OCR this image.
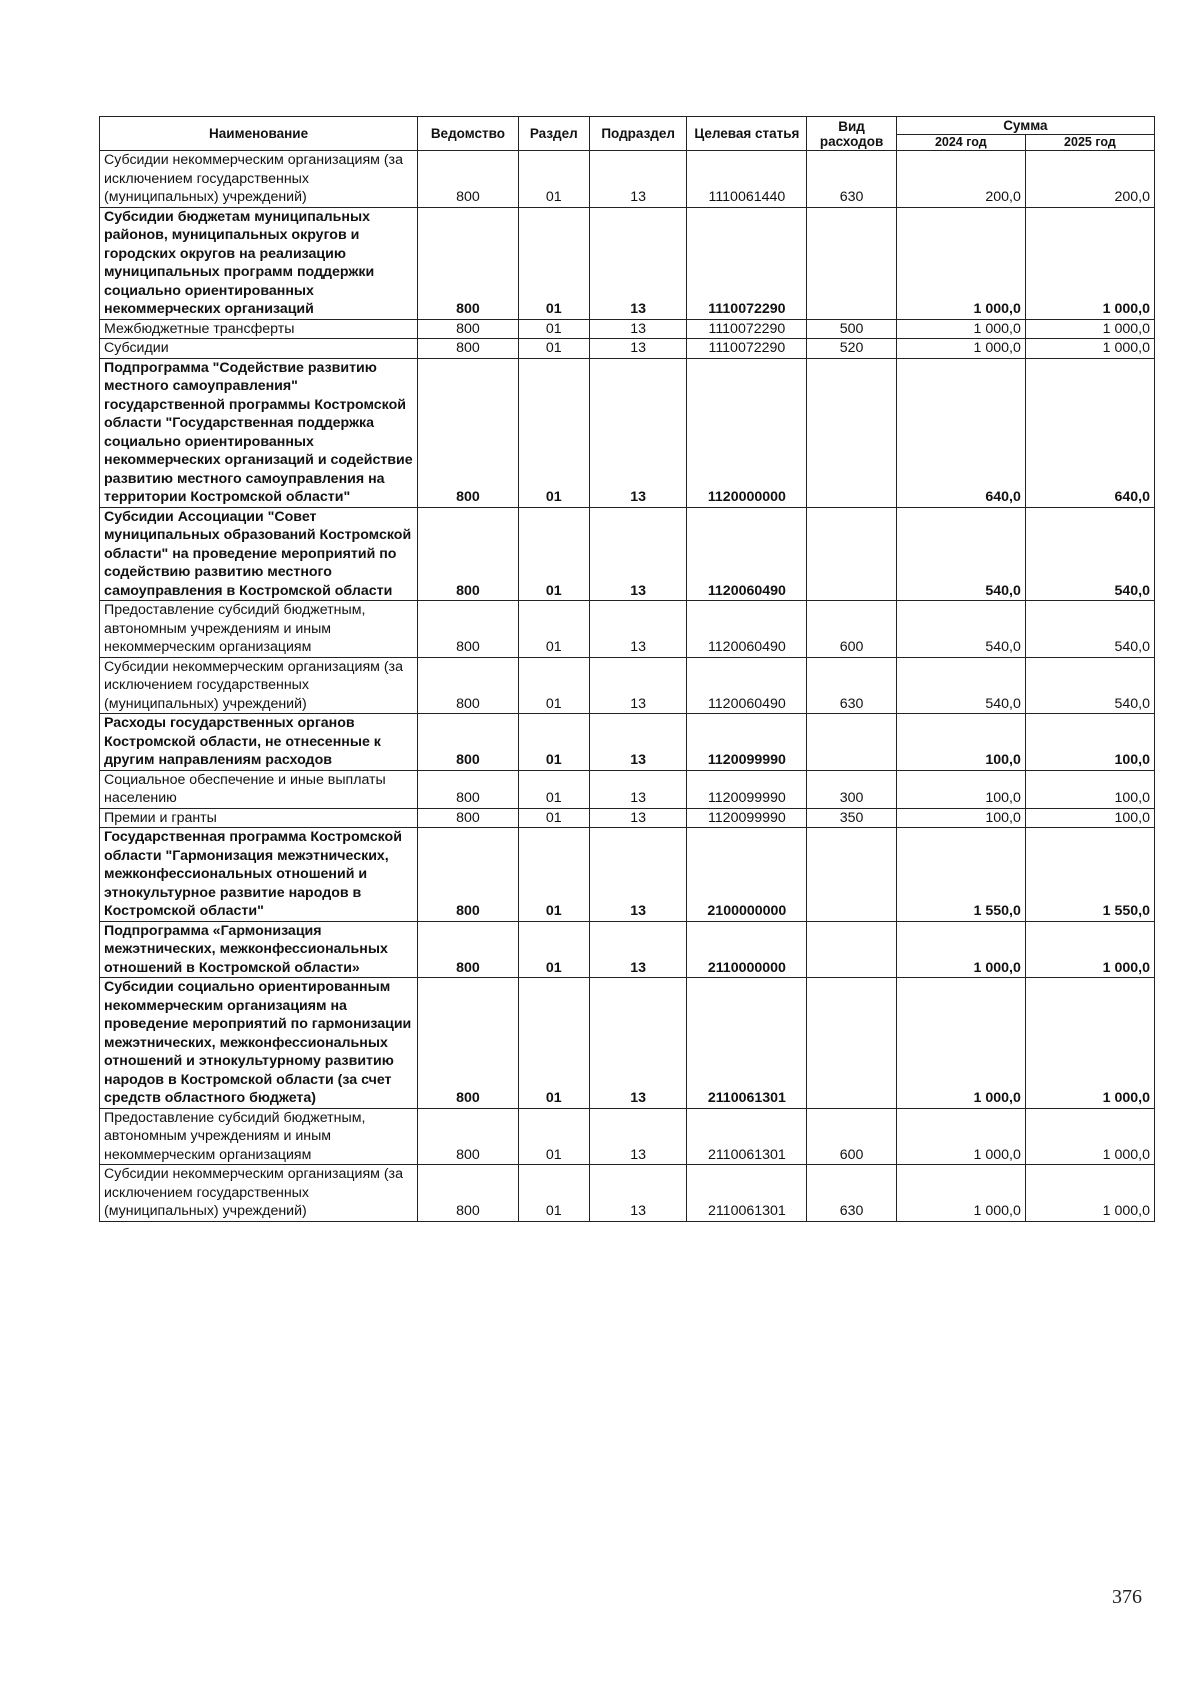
Наименование	Ведомство	Раздел	Подраздел	Целевая статья	Вид расходов	Сумма	
						2024 год	2025 год
Субсидии некоммерческим организациям (за исключением государственных (муниципальных) учреждений)	800	01	13	1110061440	630	200,0	200,0
Субсидии бюджетам муниципальных районов, муниципальных округов и городских округов на реализацию муниципальных программ поддержки социально ориентированных некоммерческих организаций	800	01	13	1110072290		1 000,0	1 000,0
Межбюджетные трансферты	800	01	13	1110072290	500	1 000,0	1 000,0
Субсидии	800	01	13	1110072290	520	1 000,0	1 000,0
Подпрограмма "Содействие развитию местного самоуправления" государственной программы Костромской области "Государственная поддержка социально ориентированных некоммерческих организаций и содействие развитию местного самоуправления на территории Костромской области"	800	01	13	1120000000		640,0	640,0
Субсидии Ассоциации "Совет муниципальных образований Костромской области" на проведение мероприятий по содействию развитию местного самоуправления в Костромской области	800	01	13	1120060490		540,0	540,0
Предоставление субсидий бюджетным, автономным учреждениям и иным некоммерческим организациям	800	01	13	1120060490	600	540,0	540,0
Субсидии некоммерческим организациям (за исключением государственных (муниципальных) учреждений)	800	01	13	1120060490	630	540,0	540,0
Расходы государственных органов Костромской области, не отнесенные к другим направлениям расходов	800	01	13	1120099990		100,0	100,0
Социальное обеспечение и иные выплаты населению	800	01	13	1120099990	300	100,0	100,0
Премии и гранты	800	01	13	1120099990	350	100,0	100,0
Государственная программа Костромской области "Гармонизация межэтнических, межконфессиональных отношений и этнокультурное развитие народов в Костромской области"	800	01	13	2100000000		1 550,0	1 550,0
Подпрограмма «Гармонизация межэтнических, межконфессиональных отношений в Костромской области»	800	01	13	2110000000		1 000,0	1 000,0
Субсидии социально ориентированным некоммерческим организациям на проведение мероприятий по гармонизации межэтнических, межконфессиональных отношений и этнокультурному развитию народов в Костромской области (за счет средств областного бюджета)	800	01	13	2110061301		1 000,0	1 000,0
Предоставление субсидий бюджетным, автономным учреждениям и иным некоммерческим организациям	800	01	13	2110061301	600	1 000,0	1 000,0
Субсидии некоммерческим организациям (за исключением государственных (муниципальных) учреждений)	800	01	13	2110061301	630	1 000,0	1 000,0
376
